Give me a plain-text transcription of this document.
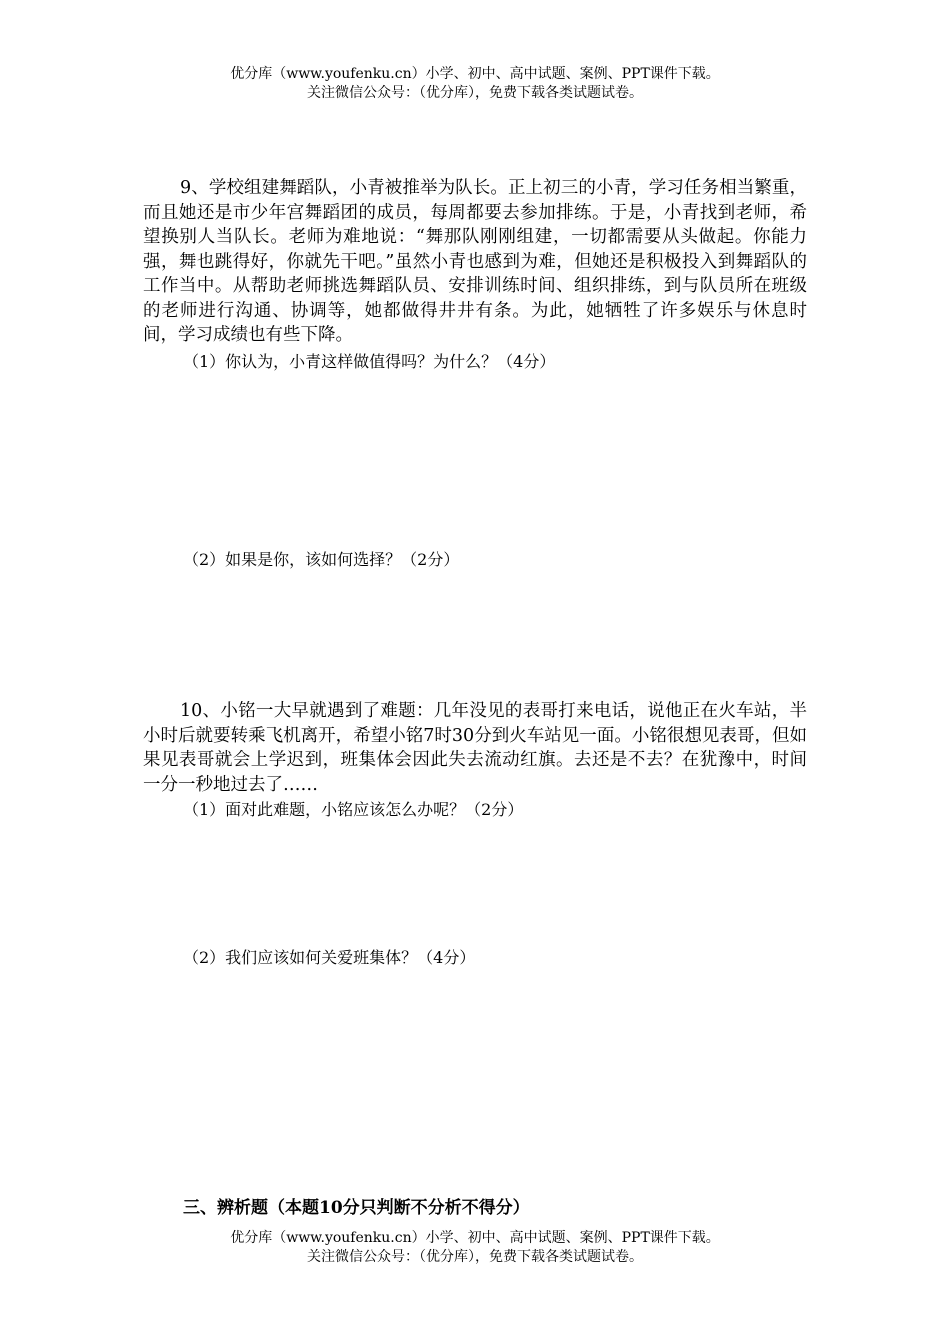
优分库（www.youfenku.cn）小学、初中、高中试题、案例、PPT课件下载。
关注微信公众号：（优分库），免费下载各类试题试卷。
9、学校组建舞蹈队，小青被推举为队长。正上初三的小青，学习任务相当繁重，而且她还是市少年宫舞蹈团的成员，每周都要去参加排练。于是，小青找到老师，希望换别人当队长。老师为难地说：“舞那队刚刚组建，一切都需要从头做起。你能力强，舞也跳得好，你就先干吧。”虽然小青也感到为难，但她还是积极投入到舞蹈队的工作当中。从帮助老师挑选舞蹈队员、安排训练时间、组织排练，到与队员所在班级的老师进行沟通、协调等，她都做得井井有条。为此，她牺牲了许多娱乐与休息时间，学习成绩也有些下降。
（1）你认为，小青这样做值得吗？为什么？（4分）
（2）如果是你，该如何选择？（2分）
10、小铭一大早就遇到了难题：几年没见的表哥打来电话，说他正在火车站，半小时后就要转乘飞机离开，希望小铭7时30分到火车站见一面。小铭很想见表哥，但如果见表哥就会上学迟到，班集体会因此失去流动红旗。去还是不去？在犹豫中，时间一分一秒地过去了……
（1）面对此难题，小铭应该怎么办呢？（2分）
（2）我们应该如何关爱班集体？（4分）
三、辨析题（本题10分只判断不分析不得分）
优分库（www.youfenku.cn）小学、初中、高中试题、案例、PPT课件下载。
关注微信公众号：（优分库），免费下载各类试题试卷。
